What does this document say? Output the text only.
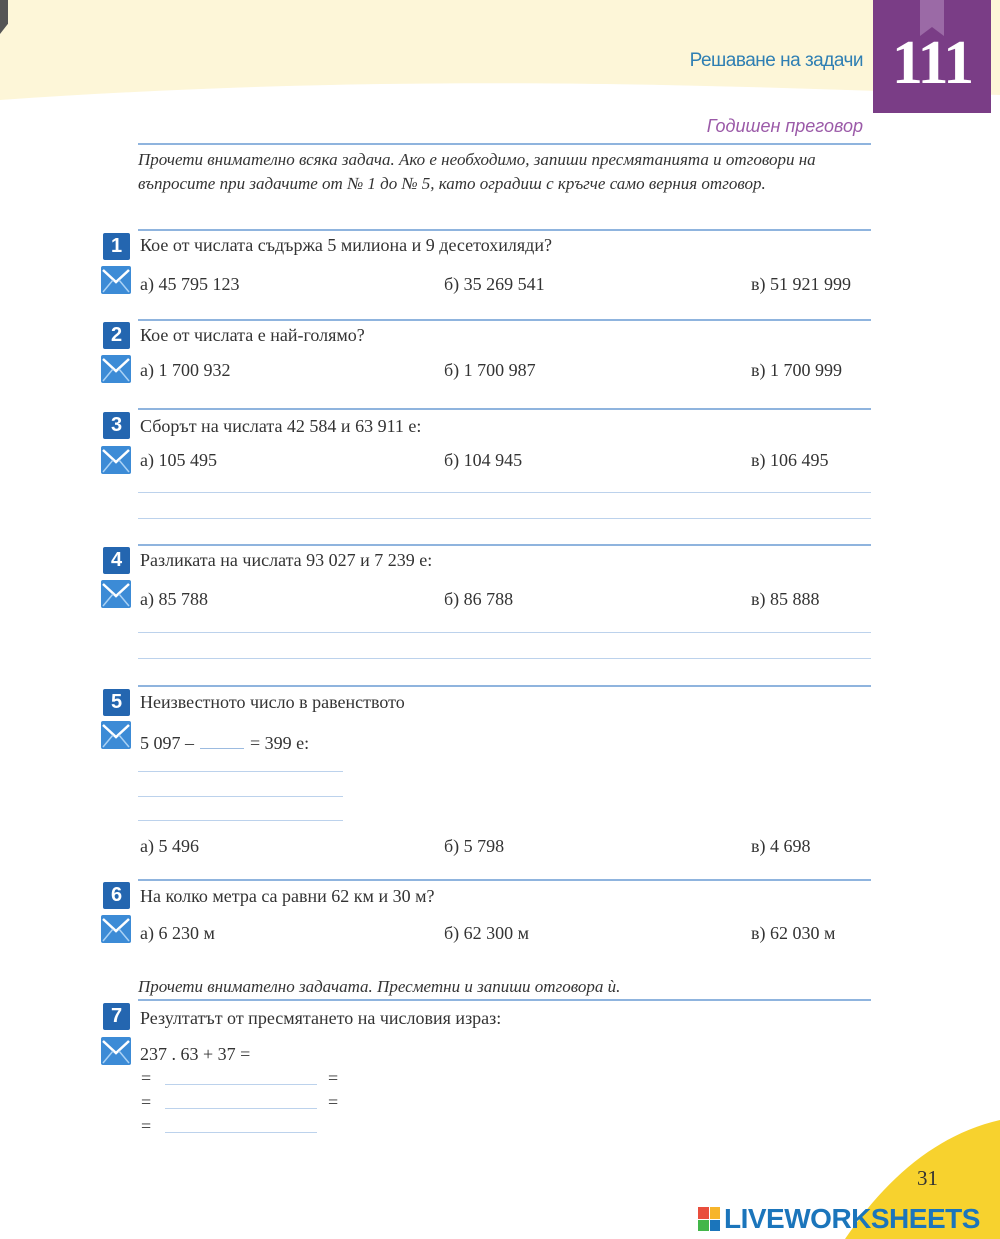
Решаване на задачи 111
Годишен преговор
Прочети внимателно всяка задача. Ако е необходимо, запиши пресмятанията и отговори на въпросите при задачите от № 1 до № 5, като оградиш с кръгче само верния отговор.
1 Кое от числата съдържа 5 милиона и 9 десетохиляди?
а) 45 795 123	б) 35 269 541	в) 51 921 999
2 Кое от числата е най-голямо?
а) 1 700 932	б) 1 700 987	в) 1 700 999
3 Сборът на числата 42 584 и 63 911 е:
а) 105 495	б) 104 945	в) 106 495
4 Разликата на числата 93 027 и 7 239 е:
а) 85 788	б) 86 788	в) 85 888
5 Неизвестното число в равенството
5 097 –	= 399 е:
а) 5 496	б) 5 798	в) 4 698
6 На колко метра са равни 62 км и 30 м?
а) 6 230 м	б) 62 300 м	в) 62 030 м
Прочети внимателно задачата. Пресметни и запиши отговора ѝ.
7 Резултатът от пресмятането на числовия израз:
237 . 63 + 37 =
=	=
=	=
=
31
LIVEWORKSHEETS
